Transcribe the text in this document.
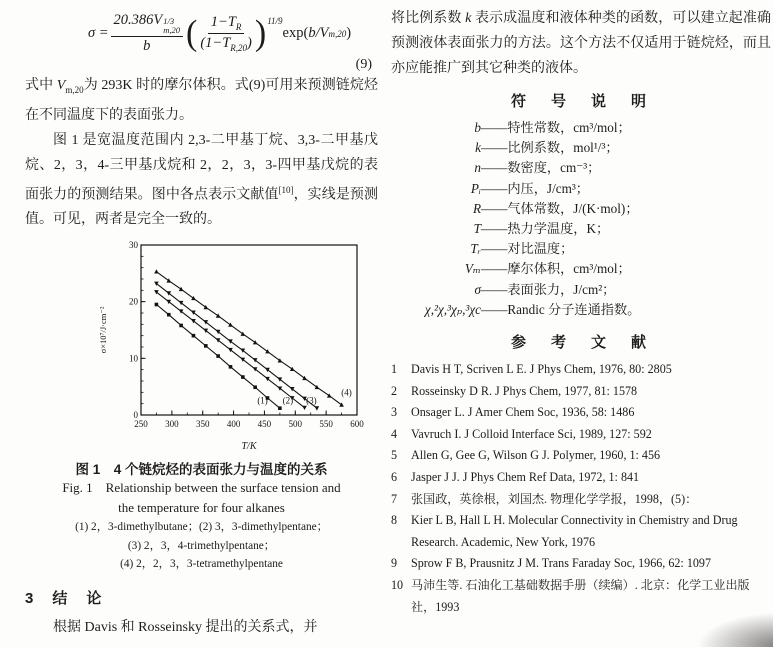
σ = 20.386V 1/3
m,20
b ( $\frac{1-T_R}{(1-T_{R,20})}$ ) 11/9
exp( b/V m,20 )
(9)

式中 $V_{m,20}$为 293K 时的摩尔体积。式(9)可用来预测链烷烃在不同温度下的表面张力。

图 1 是宽温度范围内 2,3-二甲基丁烷、3,3-二甲基戊烷、2，3，4-三甲基戊烷和 2，2，3，3-四甲基戊烷的表面张力的预测结果。图中各点表示文献值[10]，实线是预测值。可见，两者是完全一致的。

250 300 350 400 450 500 550 600
0
10
20
30
T/K
σ×10⁷/J·cm⁻²
(1) (2) (3)
(4)
图 1　4 个链烷烃的表面张力与温度的关系
Fig. 1　Relationship between the surface tension and
the temperature for four alkanes
(1) 2，3-dimethylbutane；(2) 3，3-dimethylpentane；
(3) 2，3，4-trimethylpentane；
(4) 2，2，3，3-tetramethylpentane
3　 结　论

根据 Davis 和 Rosseinsky 提出的关系式，并

将比例系数 k 表示成温度和液体种类的函数，可以建立起准确预测液体表面张力的方法。这个方法不仅适用于链烷烃，而且亦应能推广到其它种类的液体。

符　号　说　明
b ——特性常数，cm³/mol；
k ——比例系数，mol¹/³；
n ——数密度，cm⁻³；
Pᵢ ——内压，J/cm³；
R ——气体常数，J/(K·mol)；
T ——热力学温度，K；
Tᵣ ——对比温度；
Vₘ ——摩尔体积，cm³/mol；
σ ——表面张力，J/cm²；
χ,²χ,³χₚ,³χc ——Randic 分子连通指数。
参　考　文　献
1	Davis H T, Scriven L E. J Phys Chem, 1976, 80: 2805
2	Rosseinsky D R. J Phys Chem, 1977, 81: 1578
3	Onsager L. J Amer Chem Soc, 1936, 58: 1486
4	Vavruch I. J Colloid Interface Sci, 1989, 127: 592
5	Allen G, Gee G, Wilson G J. Polymer, 1960, 1: 456
6	Jasper J J. J Phys Chem Ref Data, 1972, 1: 841
7	张国政，英徐根，刘国杰. 物理化学学报，1998，(5)：
8	Kier L B, Hall L H. Molecular Connectivity in Chemistry and Drug Research. Academic, New York, 1976
9	Sprow F B, Prausnitz J M. Trans Faraday Soc, 1966, 62: 1097
10 马沛生等. 石油化工基础数据手册（续编）. 北京：化学工业出版社，1993
